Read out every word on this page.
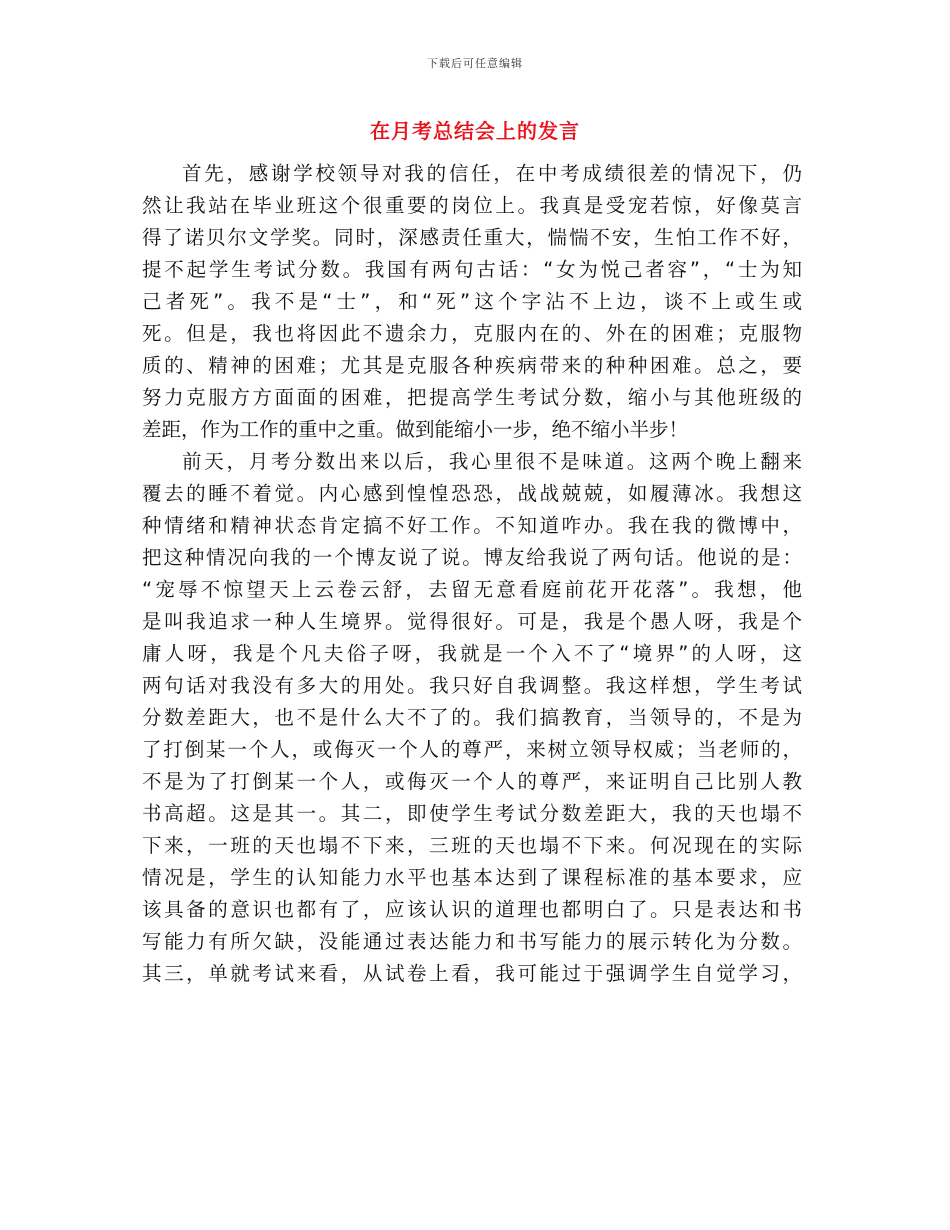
下载后可任意编辑
在月考总结会上的发言
首先，感谢学校领导对我的信任，在中考成绩很差的情况下，仍
然让我站在毕业班这个很重要的岗位上。我真是受宠若惊，好像莫言
得了诺贝尔文学奖。同时，深感责任重大，惴惴不安，生怕工作不好，
提不起学生考试分数。我国有两句古话：“女为悦己者容”，“士为知
己者死”。我不是“士”，和“死”这个字沾不上边，谈不上或生或
死。但是，我也将因此不遗余力，克服内在的、外在的困难；克服物
质的、精神的困难；尤其是克服各种疾病带来的种种困难。总之，要
努力克服方方面面的困难，把提高学生考试分数，缩小与其他班级的
差距，作为工作的重中之重。做到能缩小一步，绝不缩小半步！
前天，月考分数出来以后，我心里很不是味道。这两个晚上翻来
覆去的睡不着觉。内心感到惶惶恐恐，战战兢兢，如履薄冰。我想这
种情绪和精神状态肯定搞不好工作。不知道咋办。我在我的微博中，
把这种情况向我的一个博友说了说。博友给我说了两句话。他说的是：
“宠辱不惊望天上云卷云舒，去留无意看庭前花开花落”。我想，他
是叫我追求一种人生境界。觉得很好。可是，我是个愚人呀，我是个
庸人呀，我是个凡夫俗子呀，我就是一个入不了“境界”的人呀，这
两句话对我没有多大的用处。我只好自我调整。我这样想，学生考试
分数差距大，也不是什么大不了的。我们搞教育，当领导的，不是为
了打倒某一个人，或侮灭一个人的尊严，来树立领导权威；当老师的，
不是为了打倒某一个人，或侮灭一个人的尊严，来证明自己比别人教
书高超。这是其一。其二，即使学生考试分数差距大，我的天也塌不
下来，一班的天也塌不下来，三班的天也塌不下来。何况现在的实际
情况是，学生的认知能力水平也基本达到了课程标准的基本要求，应
该具备的意识也都有了，应该认识的道理也都明白了。只是表达和书
写能力有所欠缺，没能通过表达能力和书写能力的展示转化为分数。
其三，单就考试来看，从试卷上看，我可能过于强调学生自觉学习，
